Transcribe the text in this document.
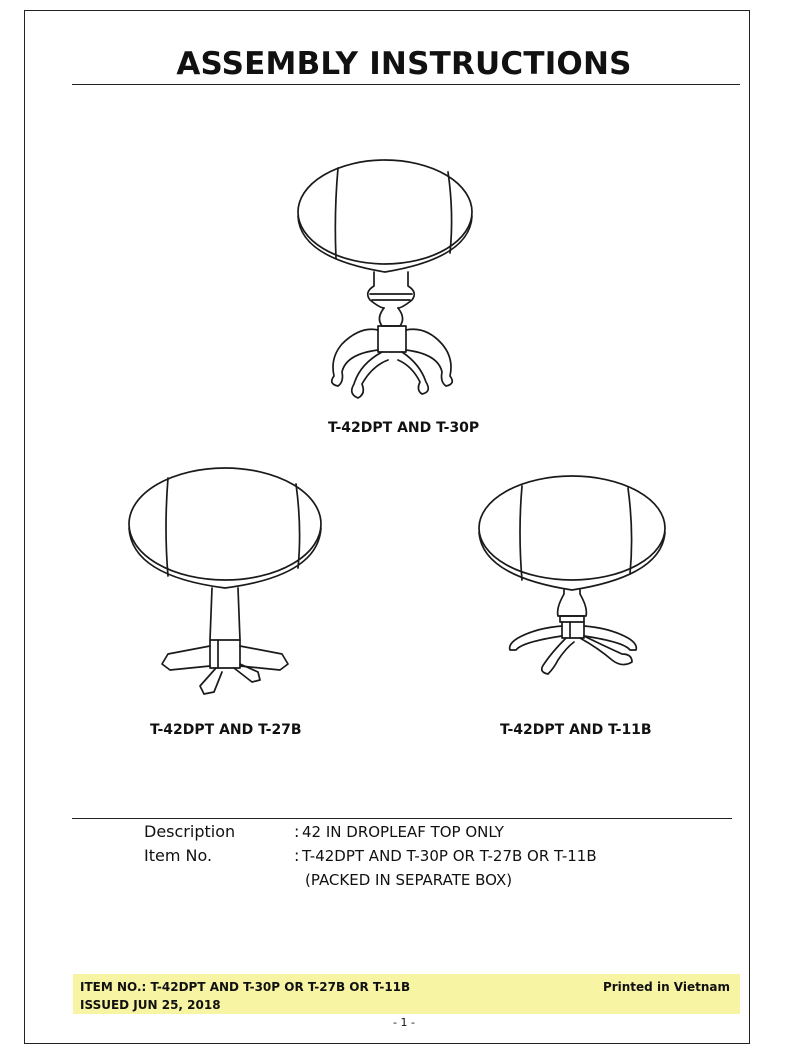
ASSEMBLY INSTRUCTIONS
T-42DPT AND T-30P
T-42DPT AND T-27B	T-42DPT AND T-11B
Description	: 42 IN DROPLEAF TOP ONLY
Item No.	: T-42DPT AND T-30P OR T-27B OR T-11B
(PACKED IN SEPARATE BOX)
ITEM NO.: T-42DPT AND T-30P OR T-27B OR T-11B	Printed in Vietnam
ISSUED JUN 25, 2018
- 1 -
